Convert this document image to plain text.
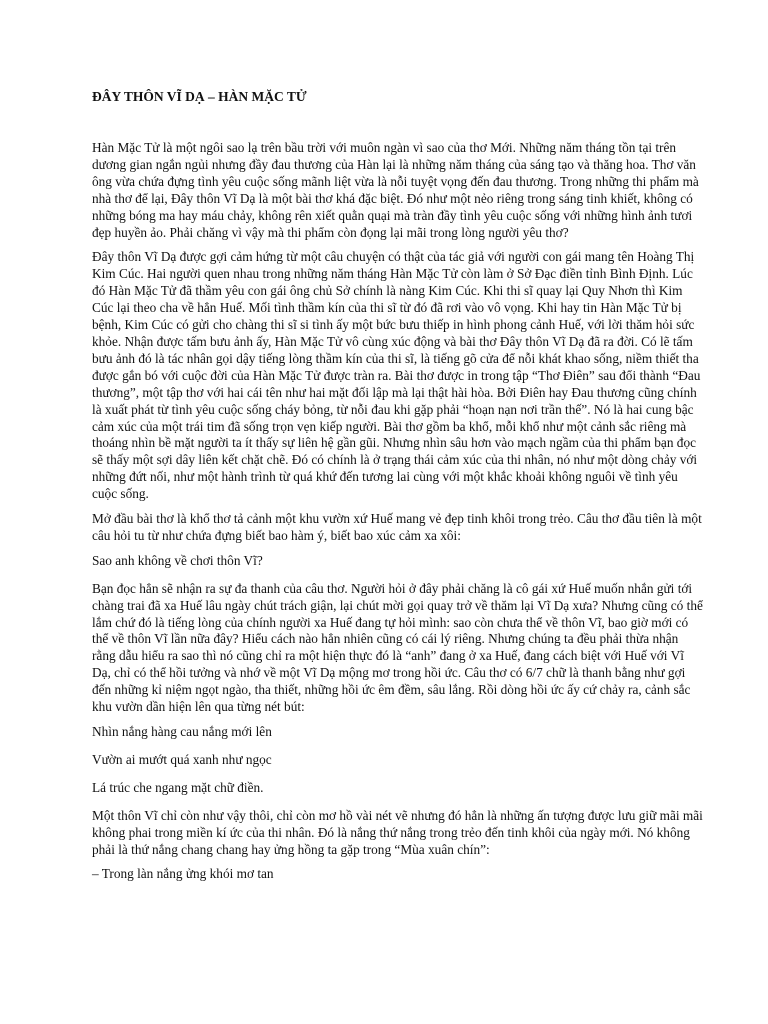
ĐÂY THÔN VĨ DẠ – HÀN MẶC TỬ

Hàn Mặc Tử là một ngôi sao lạ trên bầu trời với muôn ngàn vì sao của thơ Mới. Những năm tháng tồn tại trên dương gian ngắn ngủi nhưng đầy đau thương của Hàn lại là những năm tháng của sáng tạo và thăng hoa. Thơ văn ông vừa chứa đựng tình yêu cuộc sống mãnh liệt vừa là nỗi tuyệt vọng đến đau thương. Trong những thi phẩm mà nhà thơ để lại, Đây thôn Vĩ Dạ là một bài thơ khá đặc biệt. Đó như một nẻo riêng trong sáng tinh khiết, không có những bóng ma hay máu chảy, không rên xiết quằn quại mà tràn đầy tình yêu cuộc sống với những hình ảnh tươi đẹp huyền ảo. Phải chăng vì vậy mà thi phẩm còn đọng lại mãi trong lòng người yêu thơ?

Đây thôn Vĩ Dạ được gợi cảm hứng từ một câu chuyện có thật của tác giả với người con gái mang tên Hoàng Thị Kim Cúc. Hai người quen nhau trong những năm tháng Hàn Mặc Tử còn làm ở Sở Đạc điền tỉnh Bình Định. Lúc đó Hàn Mặc Tử đã thầm yêu con gái ông chủ Sở chính là nàng Kim Cúc. Khi thi sĩ quay lại Quy Nhơn thì Kim Cúc lại theo cha về hẳn Huế. Mối tình thầm kín của thi sĩ từ đó đã rơi vào vô vọng. Khi hay tin Hàn Mặc Tử bị bệnh, Kim Cúc có gửi cho chàng thi sĩ si tình ấy một bức bưu thiếp in hình phong cảnh Huế, với lời thăm hỏi sức khỏe. Nhận được tấm bưu ảnh ấy, Hàn Mặc Tử vô cùng xúc động và bài thơ Đây thôn Vĩ Dạ đã ra đời. Có lẽ tấm bưu ảnh đó là tác nhân gọi dậy tiếng lòng thầm kín của thi sĩ, là tiếng gõ cửa để nỗi khát khao sống, niềm thiết tha được gắn bó với cuộc đời của Hàn Mặc Tử được tràn ra. Bài thơ được in trong tập “Thơ Điên” sau đổi thành “Đau thương”, một tập thơ với hai cái tên như hai mặt đối lập mà lại thật hài hòa. Bởi Điên hay Đau thương cũng chính là xuất phát từ tình yêu cuộc sống cháy bỏng, từ nỗi đau khi gặp phải “hoạn nạn nơi trần thế”. Nó là hai cung bậc cảm xúc của một trái tim đã sống trọn vẹn kiếp người. Bài thơ gồm ba khổ, mỗi khổ như một cảnh sắc riêng mà thoáng nhìn bề mặt người ta ít thấy sự liên hệ gần gũi. Nhưng nhìn sâu hơn vào mạch ngầm của thi phẩm bạn đọc sẽ thấy một sợi dây liên kết chặt chẽ. Đó có chính là ở trạng thái cảm xúc của thi nhân, nó như một dòng chảy với những đứt nối, như một hành trình từ quá khứ đến tương lai cùng với một khắc khoải không nguôi về tình yêu cuộc sống.

Mở đầu bài thơ là khổ thơ tả cảnh một khu vườn xứ Huế mang vẻ đẹp tinh khôi trong trẻo. Câu thơ đầu tiên là một câu hỏi tu từ như chứa đựng biết bao hàm ý, biết bao xúc cảm xa xôi:

Sao anh không về chơi thôn Vĩ?

Bạn đọc hẳn sẽ nhận ra sự đa thanh của câu thơ. Người hỏi ở đây phải chăng là cô gái xứ Huế muốn nhắn gửi tới chàng trai đã xa Huế lâu ngày chút trách giận, lại chút mời gọi quay trở về thăm lại Vĩ Dạ xưa? Nhưng cũng có thể lắm chứ đó là tiếng lòng của chính người xa Huế đang tự hỏi mình: sao còn chưa thể về thôn Vĩ, bao giờ mới có thể về thôn Vĩ lần nữa đây? Hiểu cách nào hẳn nhiên cũng có cái lý riêng. Nhưng chúng ta đều phải thừa nhận rằng dẫu hiểu ra sao thì nó cũng chỉ ra một hiện thực đó là “anh” đang ở xa Huế, đang cách biệt với Huế với Vĩ Dạ, chỉ có thể hồi tưởng và nhớ về một Vĩ Dạ mộng mơ trong hồi ức. Câu thơ có 6/7 chữ là thanh bằng như gợi đến những kỉ niệm ngọt ngào, tha thiết, những hồi ức êm đềm, sâu lắng. Rồi dòng hồi ức ấy cứ chảy ra, cảnh sắc khu vườn dần hiện lên qua từng nét bút:

Nhìn nắng hàng cau nắng mới lên

Vườn ai mướt quá xanh như ngọc

Lá trúc che ngang mặt chữ điền.

Một thôn Vĩ chỉ còn như vậy thôi, chỉ còn mơ hồ vài nét vẽ nhưng đó hẳn là những ấn tượng được lưu giữ mãi mãi không phai trong miền kí ức của thi nhân. Đó là nắng thứ nắng trong trẻo đến tinh khôi của ngày mới. Nó không phải là thứ nắng chang chang hay ửng hồng ta gặp trong “Mùa xuân chín”:

– Trong làn nắng ửng khói mơ tan
